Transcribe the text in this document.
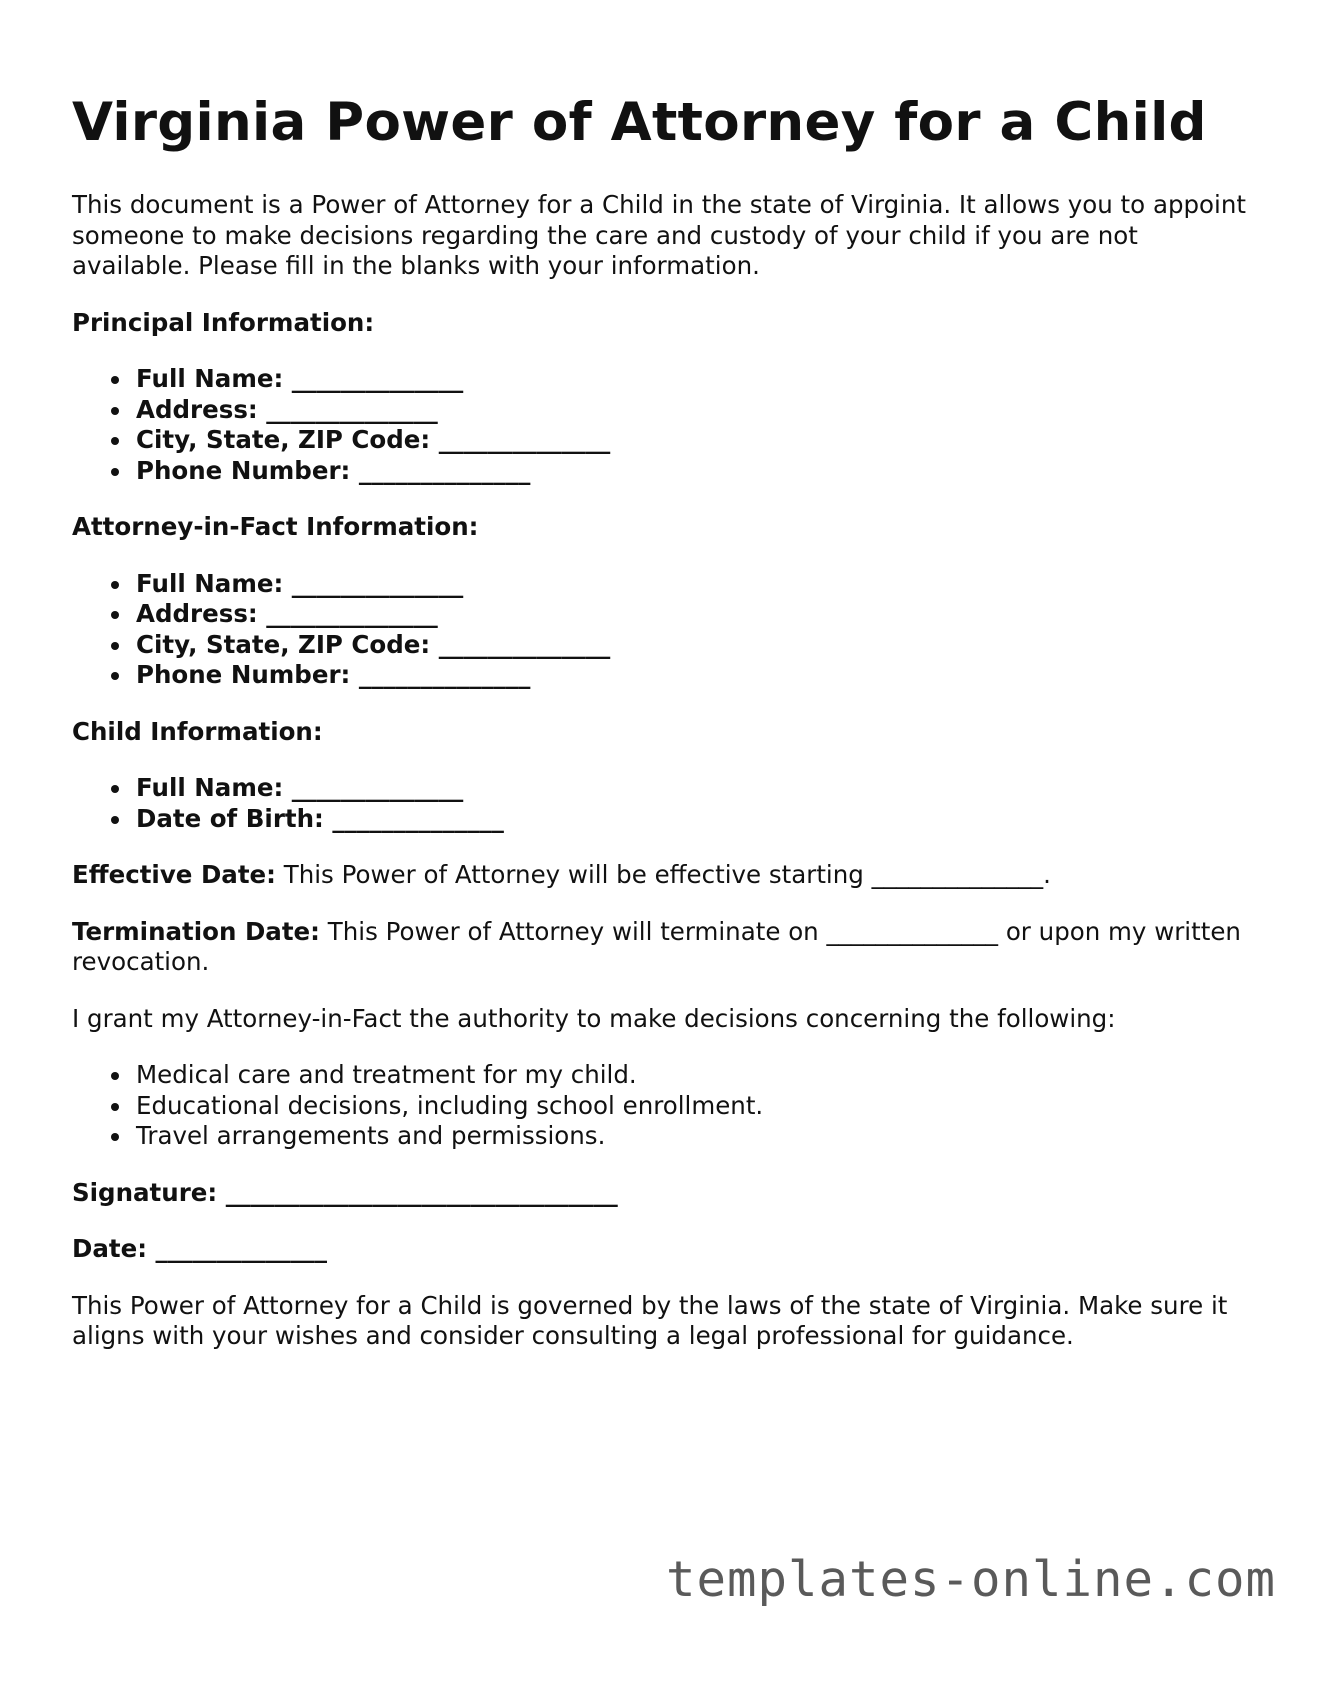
Virginia Power of Attorney for a Child

This document is a Power of Attorney for a Child in the state of Virginia. It allows you to appoint someone to make decisions regarding the care and custody of your child if you are not available. Please fill in the blanks with your information.

Principal Information:
Full Name: ______________
Address: ______________
City, State, ZIP Code: ______________
Phone Number: ______________
Attorney-in-Fact Information:
Full Name: ______________
Address: ______________
City, State, ZIP Code: ______________
Phone Number: ______________
Child Information:
Full Name: ______________
Date of Birth: ______________

Effective Date: This Power of Attorney will be effective starting ______________.

Termination Date: This Power of Attorney will terminate on ______________ or upon my written revocation.

I grant my Attorney-in-Fact the authority to make decisions concerning the following:

Medical care and treatment for my child.
Educational decisions, including school enrollment.
Travel arrangements and permissions.

Signature: ________________________________

Date: ______________

This Power of Attorney for a Child is governed by the laws of the state of Virginia. Make sure it aligns with your wishes and consider consulting a legal professional for guidance.

templates-online.com
